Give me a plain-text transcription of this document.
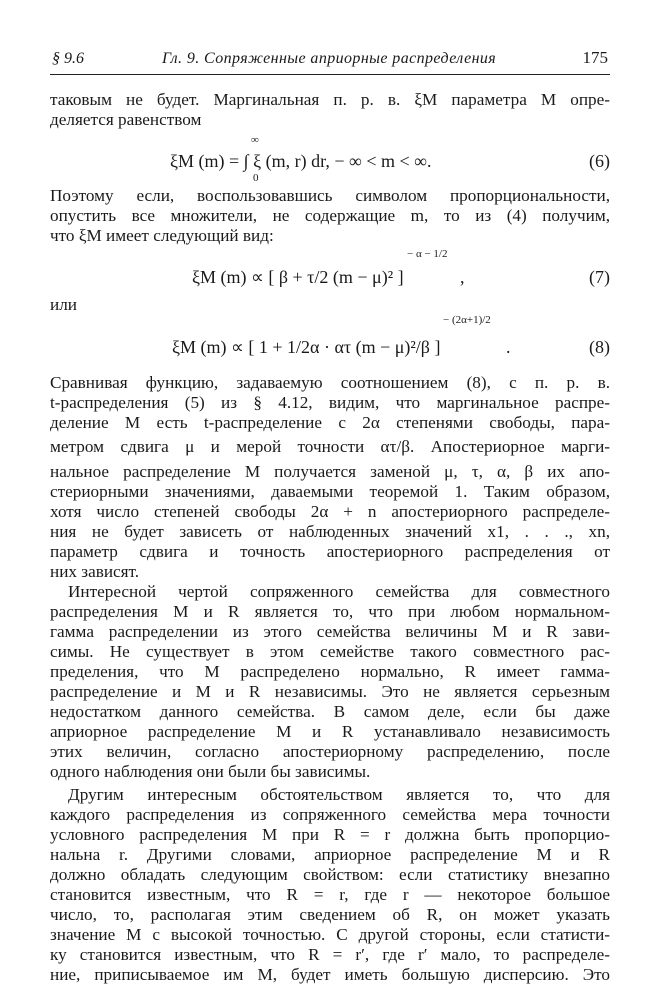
§ 9.6	Гл. 9. Сопряженные априорные распределения	175
таковым не будет. Маргинальная п. р. в. ξM параметра M опре-
деляется равенством
∞
ξM (m) = ∫ ξ (m, r) dr, − ∞ < m < ∞.
0
(6)
Поэтому если, воспользовавшись символом пропорциональности,
опустить все множители, не содержащие m, то из (4) получим,
что ξM имеет следующий вид:
ξM (m) ∝ [ β + τ/2 (m − μ)² ]
− α − 1/2
,	(7)
или
ξM (m) ∝ [ 1 + 1/2α · ατ (m − μ)²/β ]
− (2α+1)/2
.	(8)
Сравнивая функцию, задаваемую соотношением (8), с п. р. в.
t-распределения (5) из § 4.12, видим, что маргинальное распре-
деление M есть t-распределение с 2α степенями свободы, пара-
метром сдвига μ и мерой точности ατ/β. Апостериорное марги-
нальное распределение M получается заменой μ, τ, α, β их апо-
стериорными значениями, даваемыми теоремой 1. Таким образом,
хотя число степеней свободы 2α + n апостериорного распределе-
ния не будет зависеть от наблюденных значений x1, . . ., xn,
параметр сдвига и точность апостериорного распределения от
них зависят.
Интересной чертой сопряженного семейства для совместного
распределения M и R является то, что при любом нормальном-
гамма распределении из этого семейства величины M и R зави-
симы. Не существует в этом семействе такого совместного рас-
пределения, что M распределено нормально, R имеет гамма-
распределение и M и R независимы. Это не является серьезным
недостатком данного семейства. В самом деле, если бы даже
априорное распределение M и R устанавливало независимость
этих величин, согласно апостериорному распределению, после
одного наблюдения они были бы зависимы.
Другим интересным обстоятельством является то, что для
каждого распределения из сопряженного семейства мера точности
условного распределения M при R = r должна быть пропорцио-
нальна r. Другими словами, априорное распределение M и R
должно обладать следующим свойством: если статистику внезапно
становится известным, что R = r, где r — некоторое большое
число, то, располагая этим сведением об R, он может указать
значение M с высокой точностью. С другой стороны, если статисти-
ку становится известным, что R = r′, где r′ мало, то распределе-
ние, приписываемое им M, будет иметь большую дисперсию. Это
